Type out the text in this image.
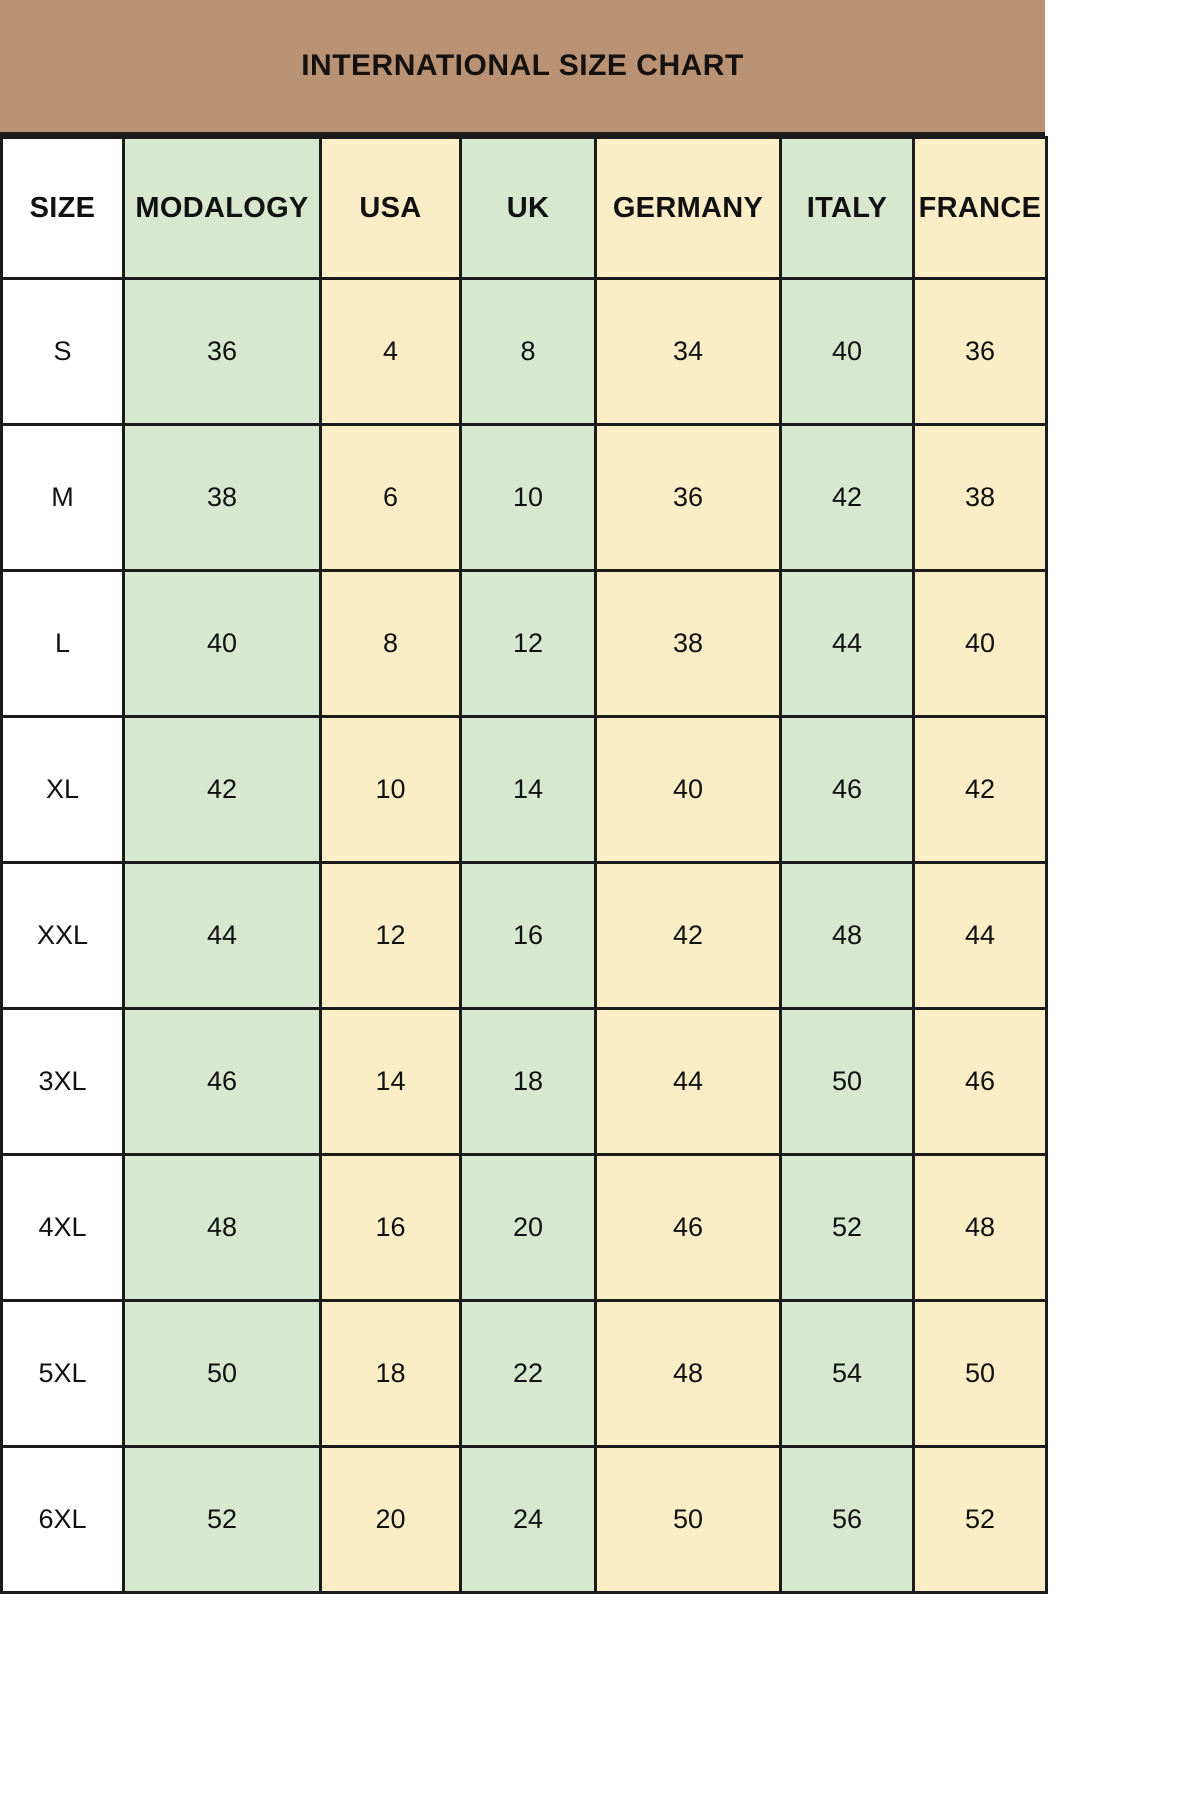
INTERNATIONAL SIZE CHART
SIZE	MODALOGY	USA	UK	GERMANY	ITALY	FRANCE
S	36	4	8	34	40	36
M	38	6	10	36	42	38
L	40	8	12	38	44	40
XL	42	10	14	40	46	42
XXL	44	12	16	42	48	44
3XL	46	14	18	44	50	46
4XL	48	16	20	46	52	48
5XL	50	18	22	48	54	50
6XL	52	20	24	50	56	52
